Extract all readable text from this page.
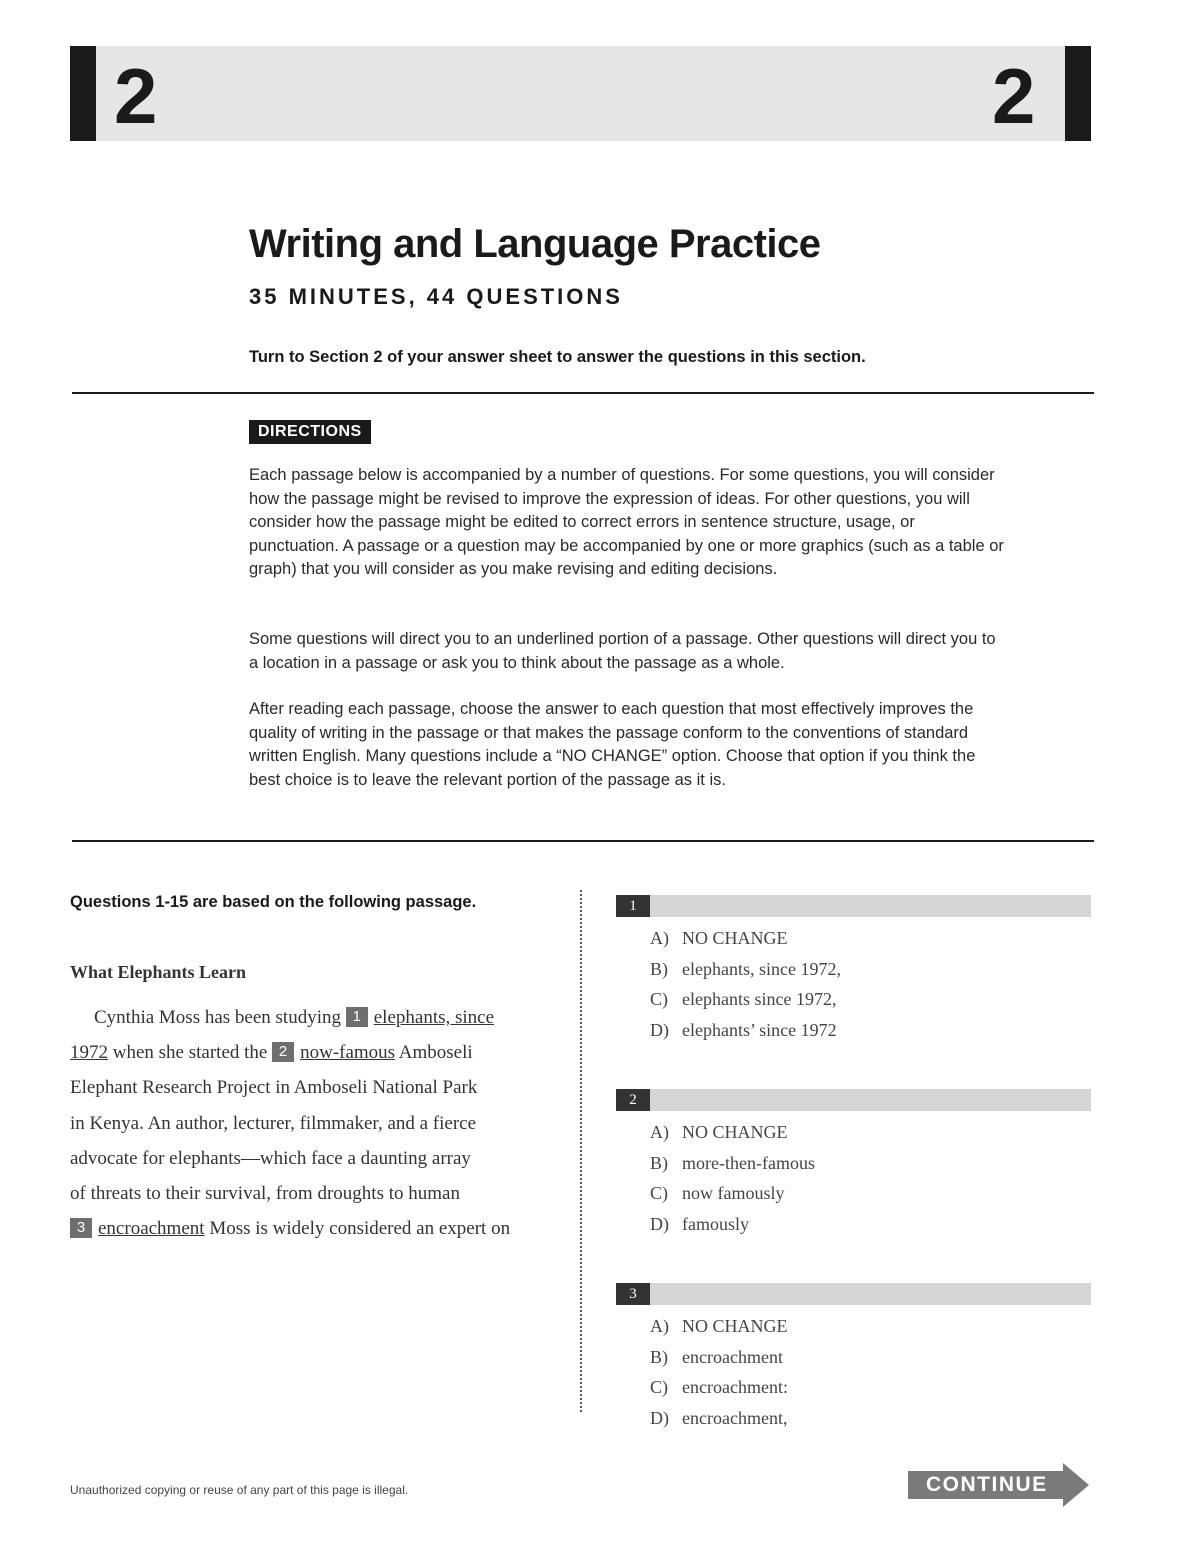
2	2
Writing and Language Practice
35 MINUTES, 44 QUESTIONS
Turn to Section 2 of your answer sheet to answer the questions in this section.
DIRECTIONS
Each passage below is accompanied by a number of questions. For some questions, you will consider how the passage might be revised to improve the expression of ideas. For other questions, you will consider how the passage might be edited to correct errors in sentence structure, usage, or punctuation. A passage or a question may be accompanied by one or more graphics (such as a table or graph) that you will consider as you make revising and editing decisions.
Some questions will direct you to an underlined portion of a passage. Other questions will direct you to a location in a passage or ask you to think about the passage as a whole.
After reading each passage, choose the answer to each question that most effectively improves the quality of writing in the passage or that makes the passage conform to the conventions of standard written English. Many questions include a “NO CHANGE” option. Choose that option if you think the best choice is to leave the relevant portion of the passage as it is.
Questions 1-15 are based on the following passage.
What Elephants Learn
Cynthia Moss has been studying 1 elephants, since
1972 when she started the 2 now-famous Amboseli
Elephant Research Project in Amboseli National Park
in Kenya. An author, lecturer, filmmaker, and a fierce
advocate for elephants—which face a daunting array
of threats to their survival, from droughts to human
3 encroachment Moss is widely considered an expert on
1
A) NO CHANGE
B) elephants, since 1972,
C) elephants since 1972,
D) elephants’ since 1972
2
A) NO CHANGE
B) more-then-famous
C) now famously
D) famously
3
A) NO CHANGE
B) encroachment
C) encroachment:
D) encroachment,
Unauthorized copying or reuse of any part of this page is illegal.	CONTINUE
